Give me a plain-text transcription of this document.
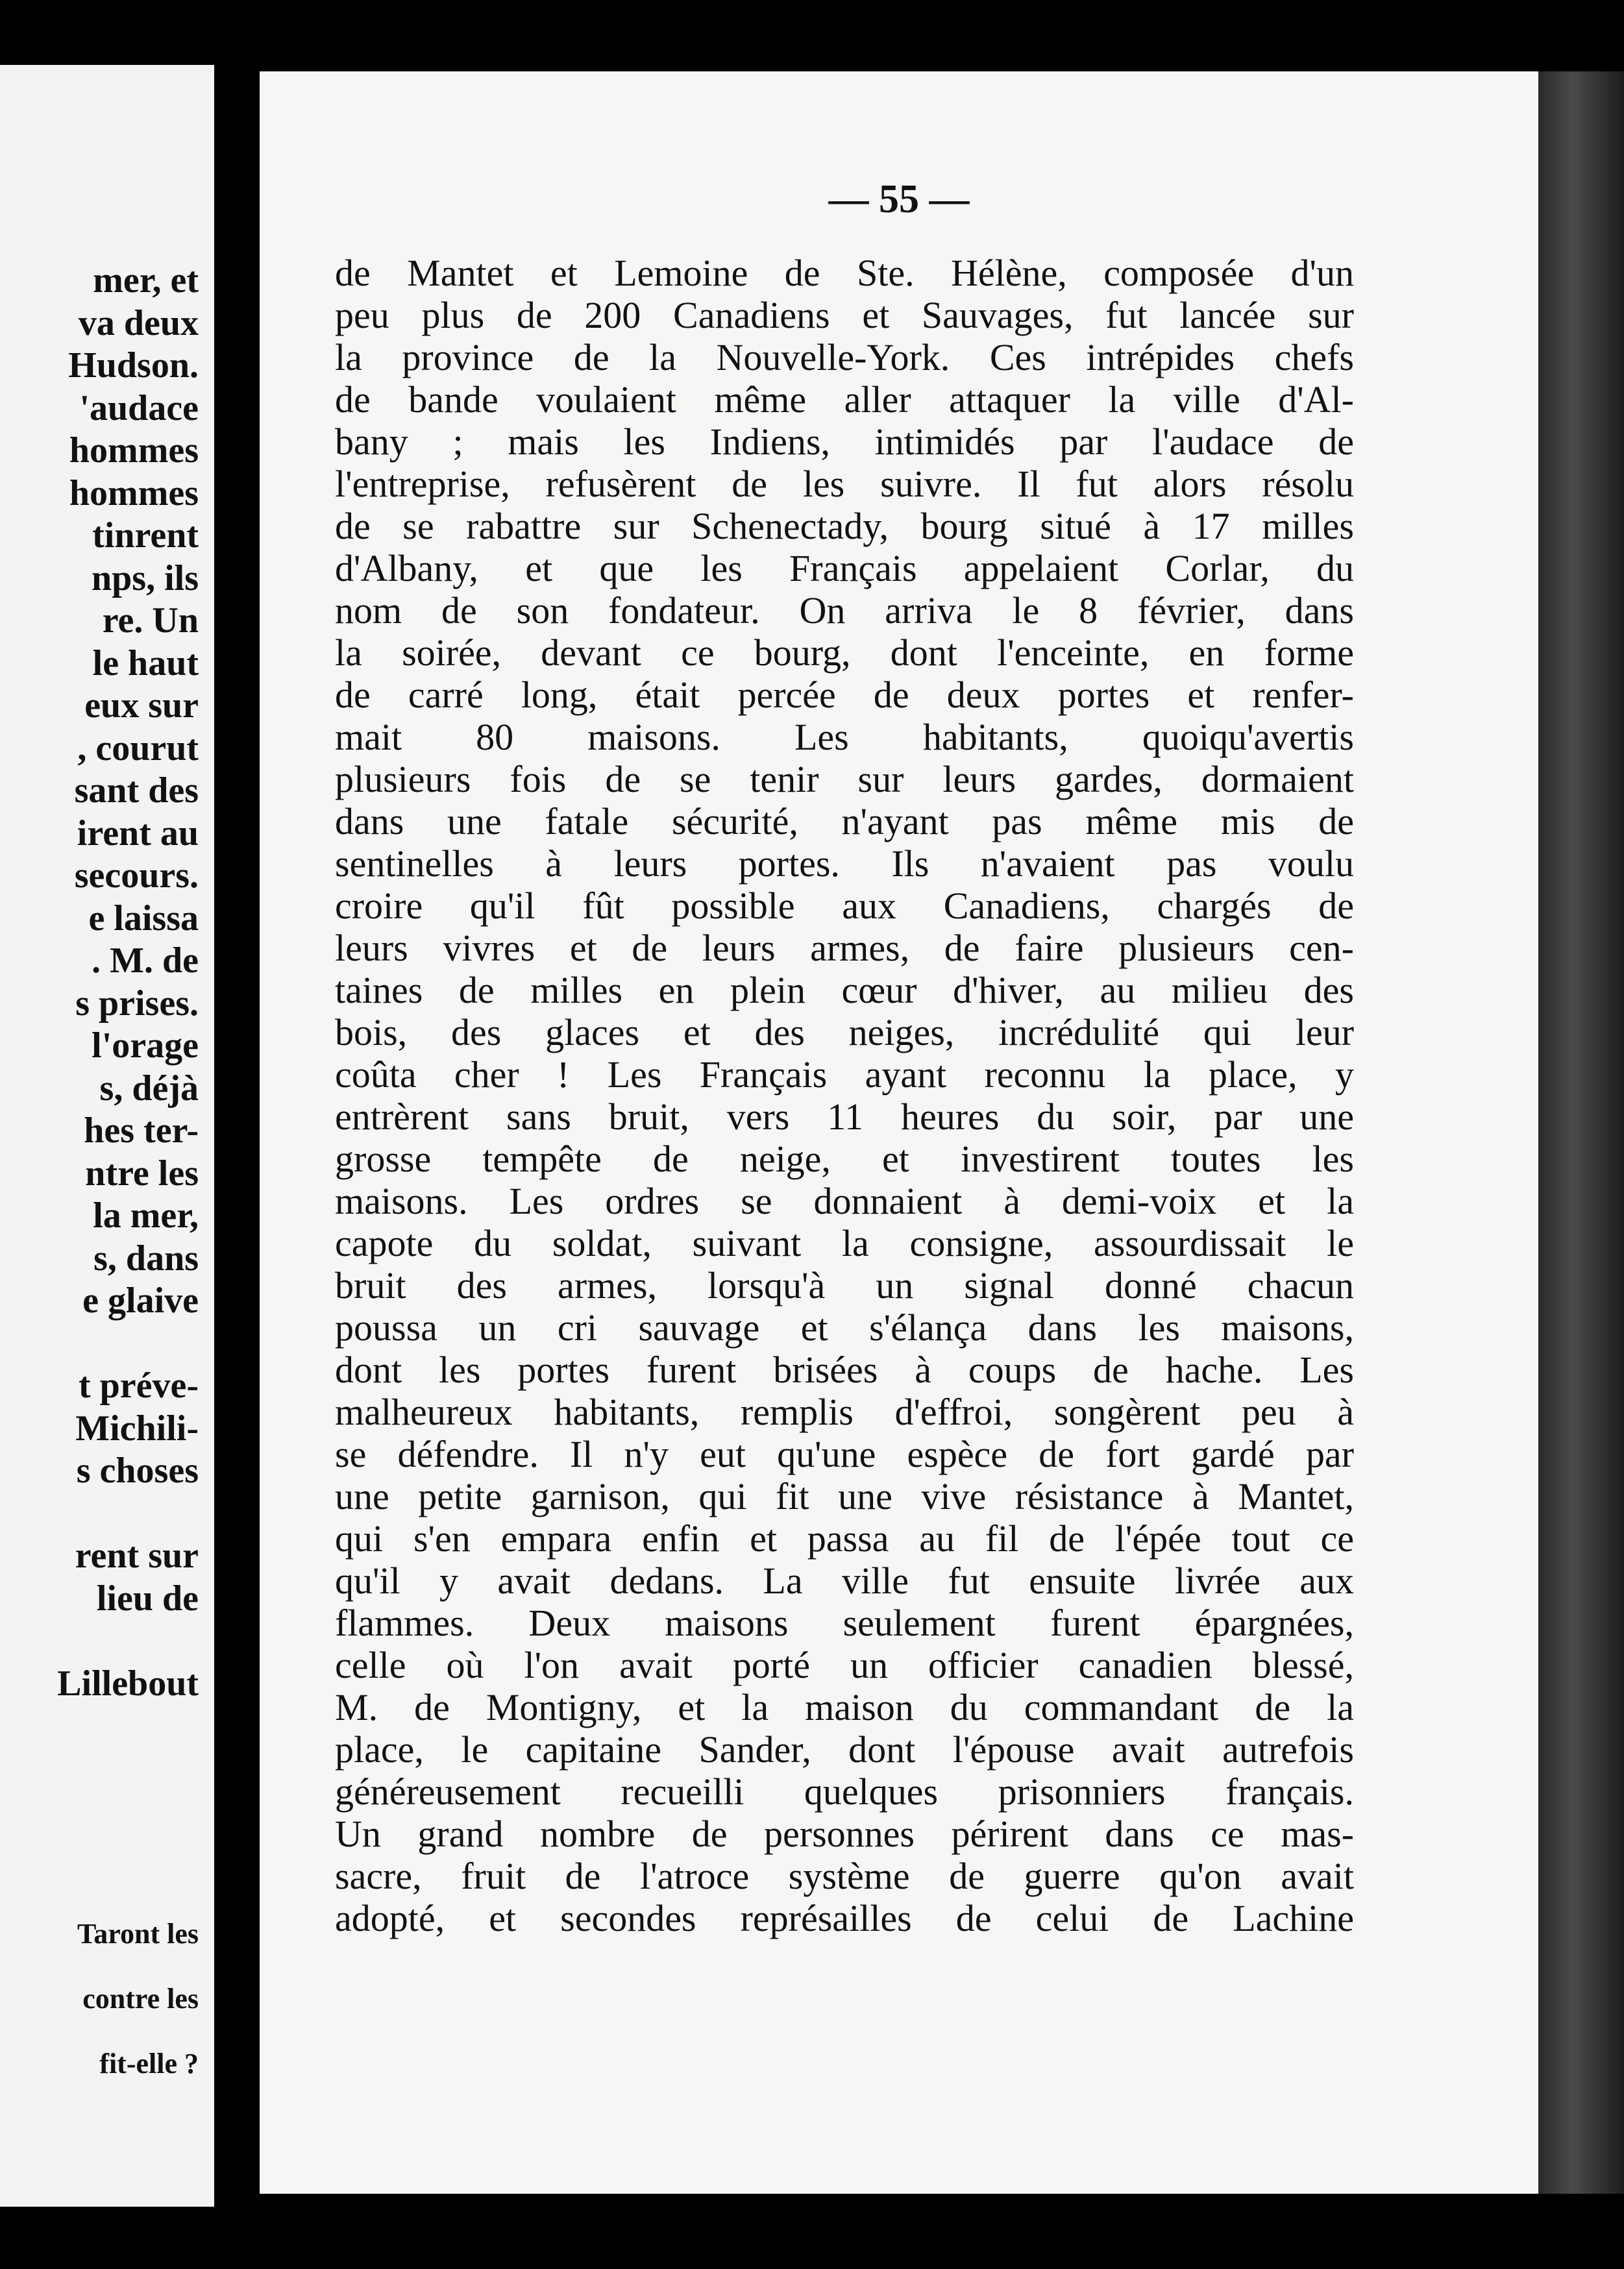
mer, et
va deux
Hudson.
'audace
hommes
hommes
tinrent
nps, ils
re. Un
le haut
eux sur
, courut
sant des
irent au
secours.
e laissa
. M. de
s prises.
l'orage
s, déjà
hes ter-
ntre les
la mer,
s, dans
e glaive
t préve-
Michili-
s choses
rent sur
lieu de
Lillebout
Taront les
contre les
fit-elle ?
— 55 —
de Mantet et Lemoine de Ste. Hélène, composée d'un
peu plus de 200 Canadiens et Sauvages, fut lancée sur
la province de la Nouvelle-York. Ces intrépides chefs
de bande voulaient même aller attaquer la ville d'Al-
bany ; mais les Indiens, intimidés par l'audace de
l'entreprise, refusèrent de les suivre. Il fut alors résolu
de se rabattre sur Schenectady, bourg situé à 17 milles
d'Albany, et que les Français appelaient Corlar, du
nom de son fondateur. On arriva le 8 février, dans
la soirée, devant ce bourg, dont l'enceinte, en forme
de carré long, était percée de deux portes et renfer-
mait 80 maisons. Les habitants, quoiqu'avertis
plusieurs fois de se tenir sur leurs gardes, dormaient
dans une fatale sécurité, n'ayant pas même mis de
sentinelles à leurs portes. Ils n'avaient pas voulu
croire qu'il fût possible aux Canadiens, chargés de
leurs vivres et de leurs armes, de faire plusieurs cen-
taines de milles en plein cœur d'hiver, au milieu des
bois, des glaces et des neiges, incrédulité qui leur
coûta cher ! Les Français ayant reconnu la place, y
entrèrent sans bruit, vers 11 heures du soir, par une
grosse tempête de neige, et investirent toutes les
maisons. Les ordres se donnaient à demi-voix et la
capote du soldat, suivant la consigne, assourdissait le
bruit des armes, lorsqu'à un signal donné chacun
poussa un cri sauvage et s'élança dans les maisons,
dont les portes furent brisées à coups de hache. Les
malheureux habitants, remplis d'effroi, songèrent peu à
se défendre. Il n'y eut qu'une espèce de fort gardé par
une petite garnison, qui fit une vive résistance à Mantet,
qui s'en empara enfin et passa au fil de l'épée tout ce
qu'il y avait dedans. La ville fut ensuite livrée aux
flammes. Deux maisons seulement furent épargnées,
celle où l'on avait porté un officier canadien blessé,
M. de Montigny, et la maison du commandant de la
place, le capitaine Sander, dont l'épouse avait autrefois
généreusement recueilli quelques prisonniers français.
Un grand nombre de personnes périrent dans ce mas-
sacre, fruit de l'atroce système de guerre qu'on avait
adopté, et secondes représailles de celui de Lachine
